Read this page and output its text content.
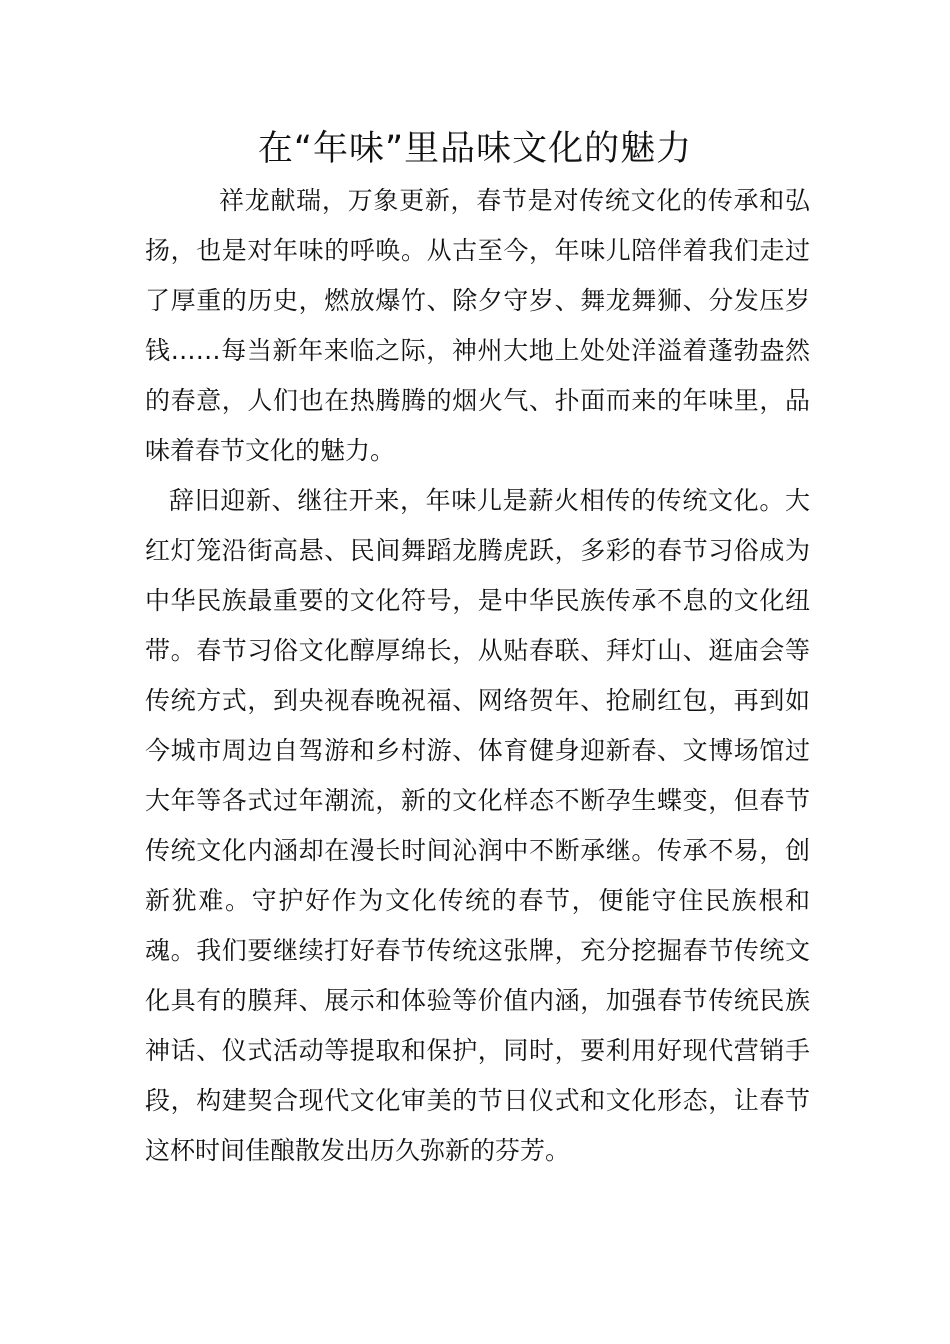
在“年味”里品味文化的魅力

祥龙献瑞，万象更新，春节是对传统文化的传承和弘扬，也是对年味的呼唤。从古至今，年味儿陪伴着我们走过了厚重的历史，燃放爆竹、除夕守岁、舞龙舞狮、分发压岁钱……每当新年来临之际，神州大地上处处洋溢着蓬勃盎然的春意，人们也在热腾腾的烟火气、扑面而来的年味里，品味着春节文化的魅力。

辞旧迎新、继往开来，年味儿是薪火相传的传统文化。大红灯笼沿街高悬、民间舞蹈龙腾虎跃，多彩的春节习俗成为中华民族最重要的文化符号，是中华民族传承不息的文化纽带。春节习俗文化醇厚绵长，从贴春联、拜灯山、逛庙会等传统方式，到央视春晚祝福、网络贺年、抢刷红包，再到如今城市周边自驾游和乡村游、体育健身迎新春、文博场馆过大年等各式过年潮流，新的文化样态不断孕生蝶变，但春节传统文化内涵却在漫长时间沁润中不断承继。传承不易，创新犹难。守护好作为文化传统的春节，便能守住民族根和魂。我们要继续打好春节传统这张牌，充分挖掘春节传统文化具有的膜拜、展示和体验等价值内涵，加强春节传统民族神话、仪式活动等提取和保护，同时，要利用好现代营销手段，构建契合现代文化审美的节日仪式和文化形态，让春节这杯时间佳酿散发出历久弥新的芬芳。
